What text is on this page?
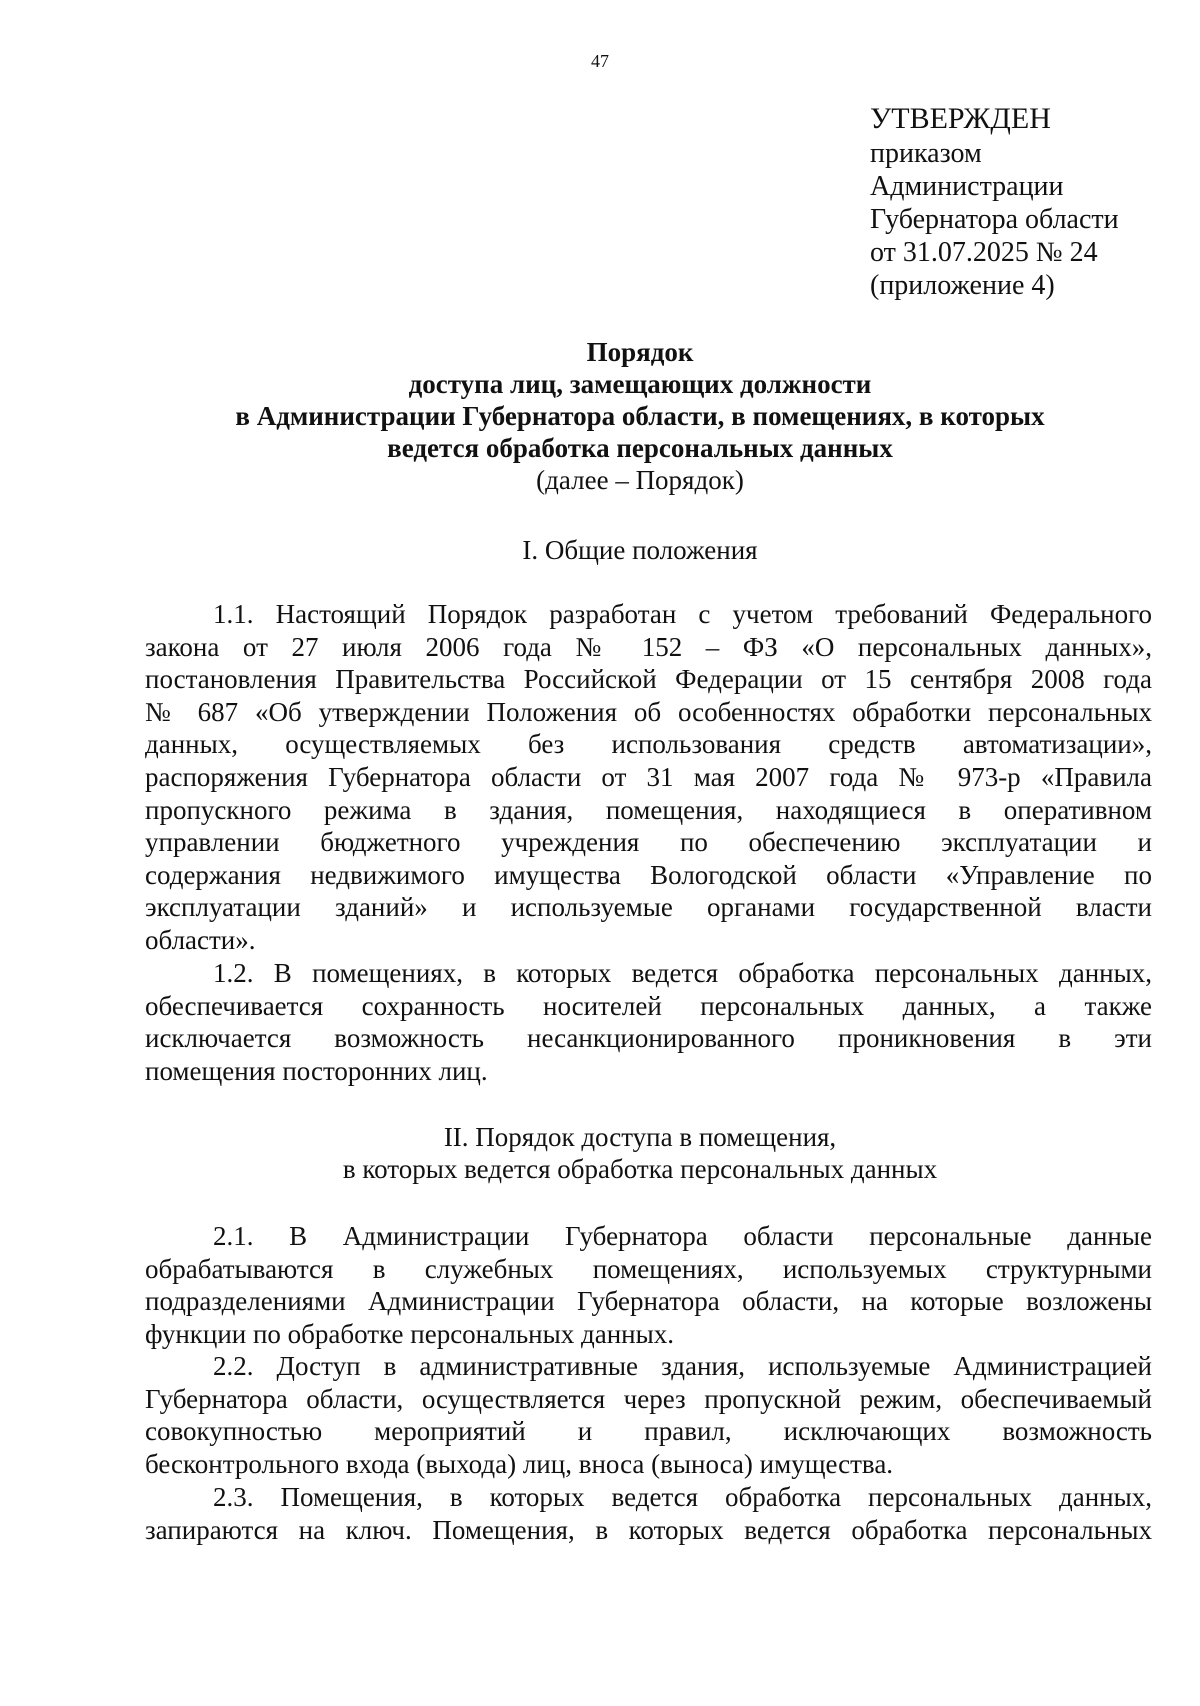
47
УТВЕРЖДЕН
приказом
Администрации
Губернатора области
от 31.07.2025 № 24
(приложение 4)
Порядок
доступа лиц, замещающих должности
в Администрации Губернатора области, в помещениях, в которых
ведется обработка персональных данных
(далее – Порядок)
I. Общие положения
1.1. Настоящий Порядок разработан с учетом требований Федерального
закона от 27 июля 2006 года № 152 – ФЗ «О персональных данных»,
постановления Правительства Российской Федерации от 15 сентября 2008 года
№ 687 «Об утверждении Положения об особенностях обработки персональных
данных, осуществляемых без использования средств автоматизации»,
распоряжения Губернатора области от 31 мая 2007 года № 973-р «Правила
пропускного режима в здания, помещения, находящиеся в оперативном
управлении бюджетного учреждения по обеспечению эксплуатации и
содержания недвижимого имущества Вологодской области «Управление по
эксплуатации зданий» и используемые органами государственной власти
области».
1.2. В помещениях, в которых ведется обработка персональных данных,
обеспечивается сохранность носителей персональных данных, а также
исключается возможность несанкционированного проникновения в эти
помещения посторонних лиц.
II. Порядок доступа в помещения,
в которых ведется обработка персональных данных
2.1. В Администрации Губернатора области персональные данные
обрабатываются в служебных помещениях, используемых структурными
подразделениями Администрации Губернатора области, на которые возложены
функции по обработке персональных данных.
2.2. Доступ в административные здания, используемые Администрацией
Губернатора области, осуществляется через пропускной режим, обеспечиваемый
совокупностью мероприятий и правил, исключающих возможность
бесконтрольного входа (выхода) лиц, вноса (выноса) имущества.
2.3. Помещения, в которых ведется обработка персональных данных,
запираются на ключ. Помещения, в которых ведется обработка персональных
